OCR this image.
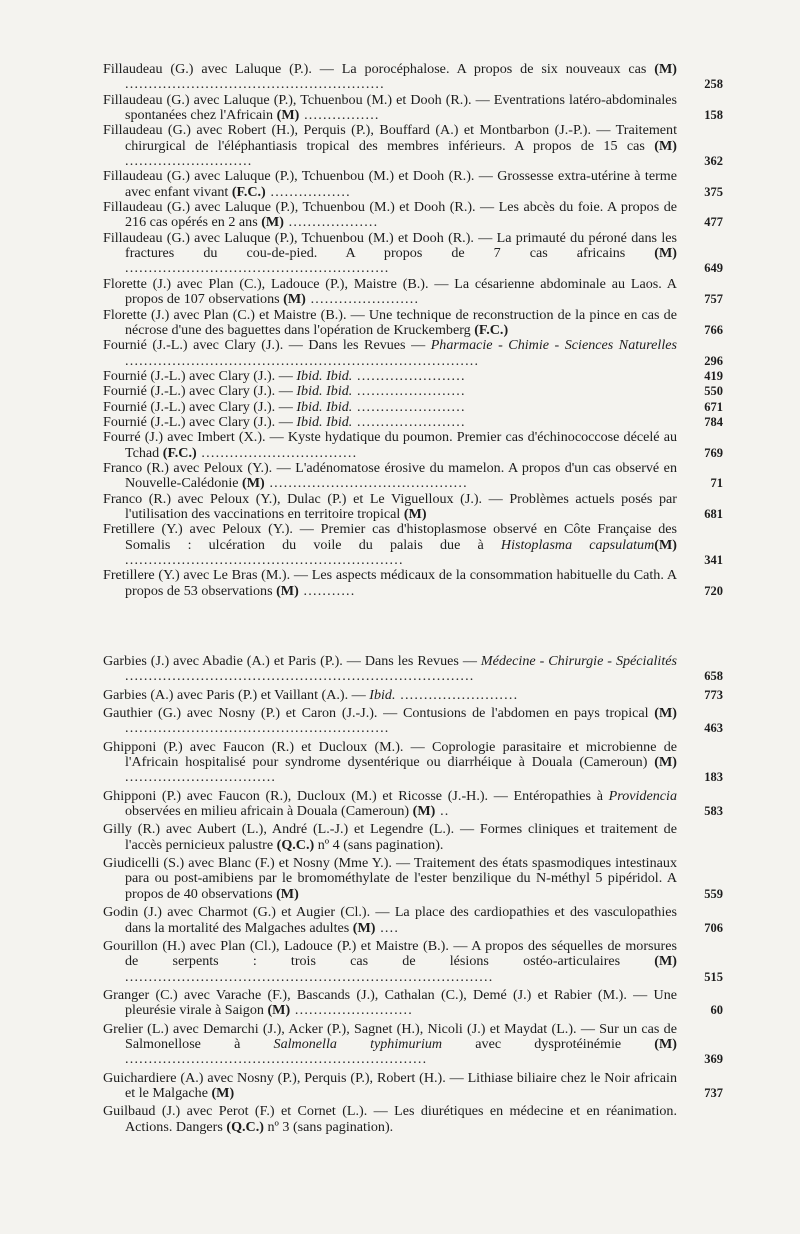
Fillaudeau (G.) avec Laluque (P.). — La porocéphalose. A propos de six nouveaux cas (M) .......................................................	258
Fillaudeau (G.) avec Laluque (P.), Tchuenbou (M.) et Dooh (R.). — Eventrations latéro-abdominales spontanées chez l'Africain (M) ................	158
Fillaudeau (G.) avec Robert (H.), Perquis (P.), Bouffard (A.) et Montbarbon (J.-P.). — Traitement chirurgical de l'éléphantiasis tropical des membres inférieurs. A propos de 15 cas (M) ...........................	362
Fillaudeau (G.) avec Laluque (P.), Tchuenbou (M.) et Dooh (R.). — Grossesse extra-utérine à terme avec enfant vivant (F.C.) .................	375
Fillaudeau (G.) avec Laluque (P.), Tchuenbou (M.) et Dooh (R.). — Les abcès du foie. A propos de 216 cas opérés en 2 ans (M) ...................	477
Fillaudeau (G.) avec Laluque (P.), Tchuenbou (M.) et Dooh (R.). — La primauté du péroné dans les fractures du cou-de-pied. A propos de 7 cas africains (M) ........................................................	649
Florette (J.) avec Plan (C.), Ladouce (P.), Maistre (B.). — La césarienne abdominale au Laos. A propos de 107 observations (M) .......................	757
Florette (J.) avec Plan (C.) et Maistre (B.). — Une technique de reconstruction de la pince en cas de nécrose d'une des baguettes dans l'opération de Kruckemberg (F.C.)	766
Fournié (J.-L.) avec Clary (J.). — Dans les Revues — Pharmacie - Chimie - Sciences Naturelles ...........................................................................	296
Fournié (J.-L.) avec Clary (J.). — Ibid. Ibid. .......................	419
Fournié (J.-L.) avec Clary (J.). — Ibid. Ibid. .......................	550
Fournié (J.-L.) avec Clary (J.). — Ibid. Ibid. .......................	671
Fournié (J.-L.) avec Clary (J.). — Ibid. Ibid. .......................	784
Fourré (J.) avec Imbert (X.). — Kyste hydatique du poumon. Premier cas d'échinococcose décelé au Tchad (F.C.) .................................	769
Franco (R.) avec Peloux (Y.). — L'adénomatose érosive du mamelon. A propos d'un cas observé en Nouvelle-Calédonie (M) ..........................................	71
Franco (R.) avec Peloux (Y.), Dulac (P.) et Le Viguelloux (J.). — Problèmes actuels posés par l'utilisation des vaccinations en territoire tropical (M)	681
Fretillere (Y.) avec Peloux (Y.). — Premier cas d'histoplasmose observé en Côte Française des Somalis : ulcération du voile du palais due à Histoplasma capsulatum(M) ...........................................................	341
Fretillere (Y.) avec Le Bras (M.). — Les aspects médicaux de la consommation habituelle du Cath. A propos de 53 observations (M) ...........	720
Garbies (J.) avec Abadie (A.) et Paris (P.). — Dans les Revues — Médecine - Chirurgie - Spécialités ..........................................................................	658
Garbies (A.) avec Paris (P.) et Vaillant (A.). — Ibid. .........................	773
Gauthier (G.) avec Nosny (P.) et Caron (J.-J.). — Contusions de l'abdomen en pays tropical (M) ........................................................	463
Ghipponi (P.) avec Faucon (R.) et Ducloux (M.). — Coprologie parasitaire et microbienne de l'Africain hospitalisé pour syndrome dysentérique ou diarrhéique à Douala (Cameroun) (M) ................................	183
Ghipponi (P.) avec Faucon (R.), Ducloux (M.) et Ricosse (J.-H.). — Entéropathies à Providencia observées en milieu africain à Douala (Cameroun) (M) ..	583
Gilly (R.) avec Aubert (L.), André (L.-J.) et Legendre (L.). — Formes cliniques et traitement de l'accès pernicieux palustre (Q.C.) nº 4 (sans pagination).
Giudicelli (S.) avec Blanc (F.) et Nosny (Mme Y.). — Traitement des états spasmodiques intestinaux para ou post-amibiens par le bromométhylate de l'ester benzilique du N-méthyl 5 pipéridol. A propos de 40 observations (M)	559
Godin (J.) avec Charmot (G.) et Augier (Cl.). — La place des cardiopathies et des vasculopathies dans la mortalité des Malgaches adultes (M) ....	706
Gourillon (H.) avec Plan (Cl.), Ladouce (P.) et Maistre (B.). — A propos des séquelles de morsures de serpents : trois cas de lésions ostéo-articulaires (M) ..............................................................................	515
Granger (C.) avec Varache (F.), Bascands (J.), Cathalan (C.), Demé (J.) et Rabier (M.). — Une pleurésie virale à Saigon (M) .........................	60
Grelier (L.) avec Demarchi (J.), Acker (P.), Sagnet (H.), Nicoli (J.) et Maydat (L.). — Sur un cas de Salmonellose à Salmonella typhimurium avec dysprotéinémie (M) ................................................................	369
Guichardiere (A.) avec Nosny (P.), Perquis (P.), Robert (H.). — Lithiase biliaire chez le Noir africain et le Malgache (M)	737
Guilbaud (J.) avec Perot (F.) et Cornet (L.). — Les diurétiques en médecine et en réanimation. Actions. Dangers (Q.C.) nº 3 (sans pagination).
